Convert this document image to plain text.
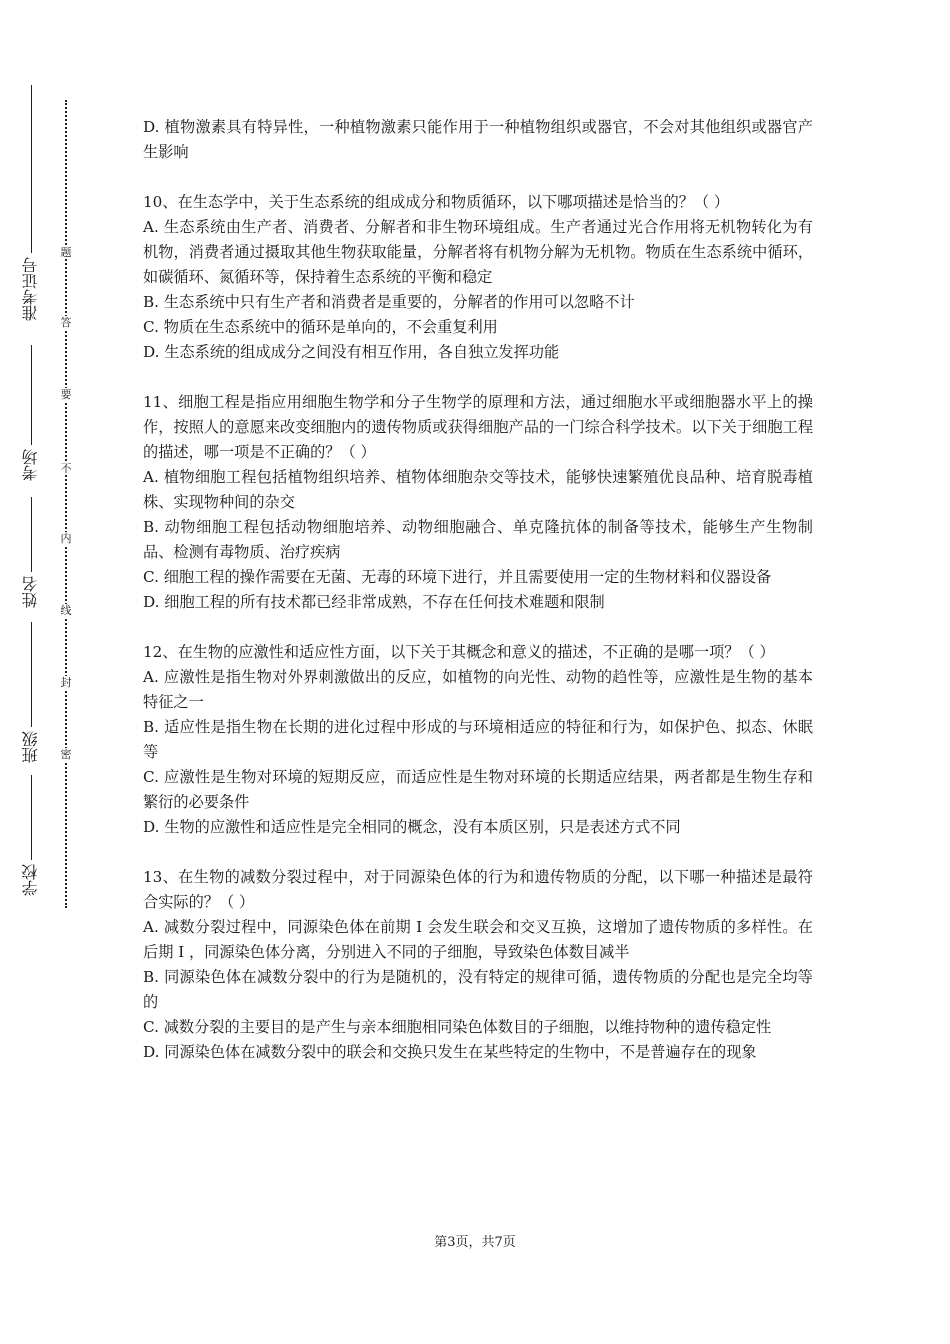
准考证号
考场
姓名
班级
学校
题
答
要
不
内
线
封
密

D. 植物激素具有特异性，一种植物激素只能作用于一种植物组织或器官，不会对其他组织或器官产生影响

10、在生态学中，关于生态系统的组成成分和物质循环，以下哪项描述是恰当的？（ ）

A. 生态系统由生产者、消费者、分解者和非生物环境组成。生产者通过光合作用将无机物转化为有机物，消费者通过摄取其他生物获取能量，分解者将有机物分解为无机物。物质在生态系统中循环，如碳循环、氮循环等，保持着生态系统的平衡和稳定

B. 生态系统中只有生产者和消费者是重要的，分解者的作用可以忽略不计

C. 物质在生态系统中的循环是单向的，不会重复利用

D. 生态系统的组成成分之间没有相互作用，各自独立发挥功能

11、细胞工程是指应用细胞生物学和分子生物学的原理和方法，通过细胞水平或细胞器水平上的操作，按照人的意愿来改变细胞内的遗传物质或获得细胞产品的一门综合科学技术。以下关于细胞工程的描述，哪一项是不正确的？（ ）

A. 植物细胞工程包括植物组织培养、植物体细胞杂交等技术，能够快速繁殖优良品种、培育脱毒植株、实现物种间的杂交

B. 动物细胞工程包括动物细胞培养、动物细胞融合、单克隆抗体的制备等技术，能够生产生物制品、检测有毒物质、治疗疾病

C. 细胞工程的操作需要在无菌、无毒的环境下进行，并且需要使用一定的生物材料和仪器设备

D. 细胞工程的所有技术都已经非常成熟，不存在任何技术难题和限制

12、在生物的应激性和适应性方面，以下关于其概念和意义的描述，不正确的是哪一项？（ ）

A. 应激性是指生物对外界刺激做出的反应，如植物的向光性、动物的趋性等，应激性是生物的基本特征之一

B. 适应性是指生物在长期的进化过程中形成的与环境相适应的特征和行为，如保护色、拟态、休眠等

C. 应激性是生物对环境的短期反应，而适应性是生物对环境的长期适应结果，两者都是生物生存和繁衍的必要条件

D. 生物的应激性和适应性是完全相同的概念，没有本质区别，只是表述方式不同

13、在生物的减数分裂过程中，对于同源染色体的行为和遗传物质的分配，以下哪一种描述是最符合实际的？（ ）

A. 减数分裂过程中，同源染色体在前期 I 会发生联会和交叉互换，这增加了遗传物质的多样性。在后期 I ，同源染色体分离，分别进入不同的子细胞，导致染色体数目减半

B. 同源染色体在减数分裂中的行为是随机的，没有特定的规律可循，遗传物质的分配也是完全均等的

C. 减数分裂的主要目的是产生与亲本细胞相同染色体数目的子细胞，以维持物种的遗传稳定性

D. 同源染色体在减数分裂中的联会和交换只发生在某些特定的生物中，不是普遍存在的现象

第3页，共7页
